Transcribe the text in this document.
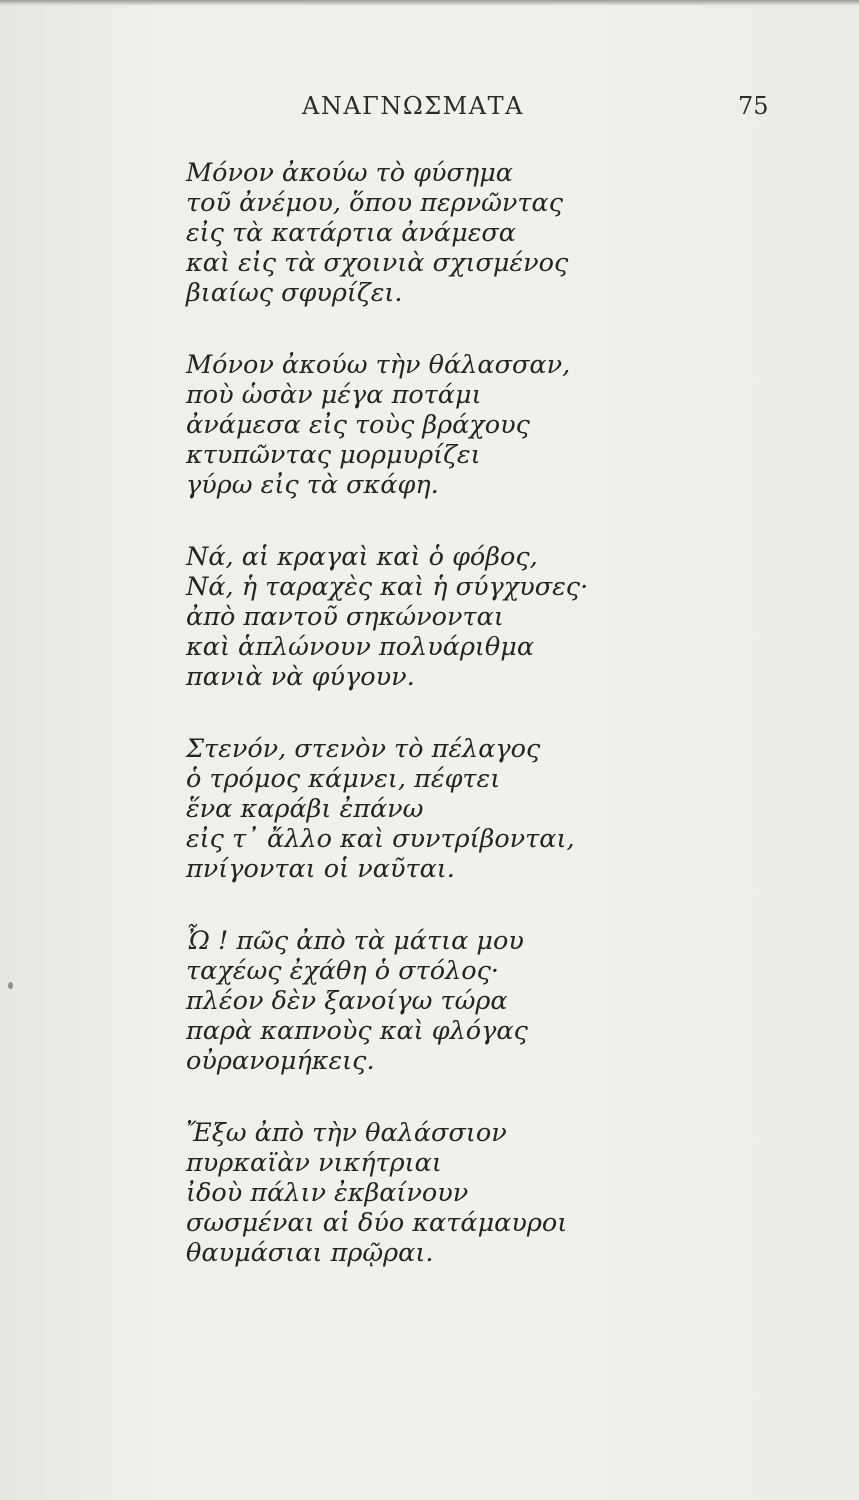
ΑΝΑΓΝΩΣΜΑΤΑ	75
Μόνον ἀκούω τὸ φύσημα
τοῦ ἀνέμου, ὅπου περνῶντας
εἰς τὰ κατάρτια ἀνάμεσα
καὶ εἰς τὰ σχοινιὰ σχισμένος
βιαίως σφυρίζει.
Μόνον ἀκούω τὴν θάλασσαν,
ποὺ ὡσὰν μέγα ποτάμι
ἀνάμεσα εἰς τοὺς βράχους
κτυπῶντας μορμυρίζει
γύρω εἰς τὰ σκάφη.
Νά, αἱ κραγαὶ καὶ ὁ φόβος,
Νά, ἡ ταραχὲς καὶ ἡ σύγχυσες·
ἀπὸ παντοῦ σηκώνονται
καὶ ἁπλώνουν πολυάριθμα
πανιὰ νὰ φύγουν.
Στενόν, στενὸν τὸ πέλαγος
ὁ τρόμος κάμνει, πέφτει
ἕνα καράβι ἐπάνω
εἰς τ᾽ ἄλλο καὶ συντρίβονται,
πνίγονται οἱ ναῦται.
Ὦ ! πῶς ἀπὸ τὰ μάτια μου
ταχέως ἐχάθη ὁ στόλος·
πλέον δὲν ξανοίγω τώρα
παρὰ καπνοὺς καὶ φλόγας
οὐρανομήκεις.
Ἔξω ἀπὸ τὴν θαλάσσιον
πυρκαϊὰν νικήτριαι
ἰδοὺ πάλιν ἐκβαίνουν
σωσμέναι αἱ δύο κατάμαυροι
θαυμάσιαι πρῷραι.
